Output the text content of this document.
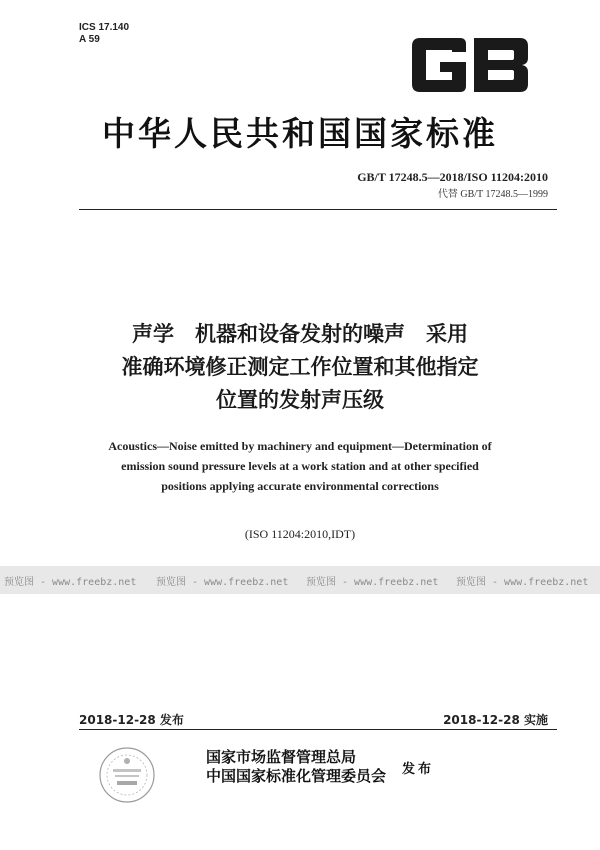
ICS 17.140
A 59
中华人民共和国国家标准
GB/T 17248.5—2018/ISO 11204:2010
代替 GB/T 17248.5—1999
声学　机器和设备发射的噪声　采用
准确环境修正测定工作位置和其他指定
位置的发射声压级
Acoustics—Noise emitted by machinery and equipment—Determination of
emission sound pressure levels at a work station and at other specified
positions applying accurate environmental corrections
(ISO 11204:2010,IDT)
预览图 - www.freebz.net 预览图 - www.freebz.net 预览图 - www.freebz.net 预览图 - www.freebz.net
2018-12-28 发布	2018-12-28 实施
国家市场监督管理总局
中国国家标准化管理委员会 发布
